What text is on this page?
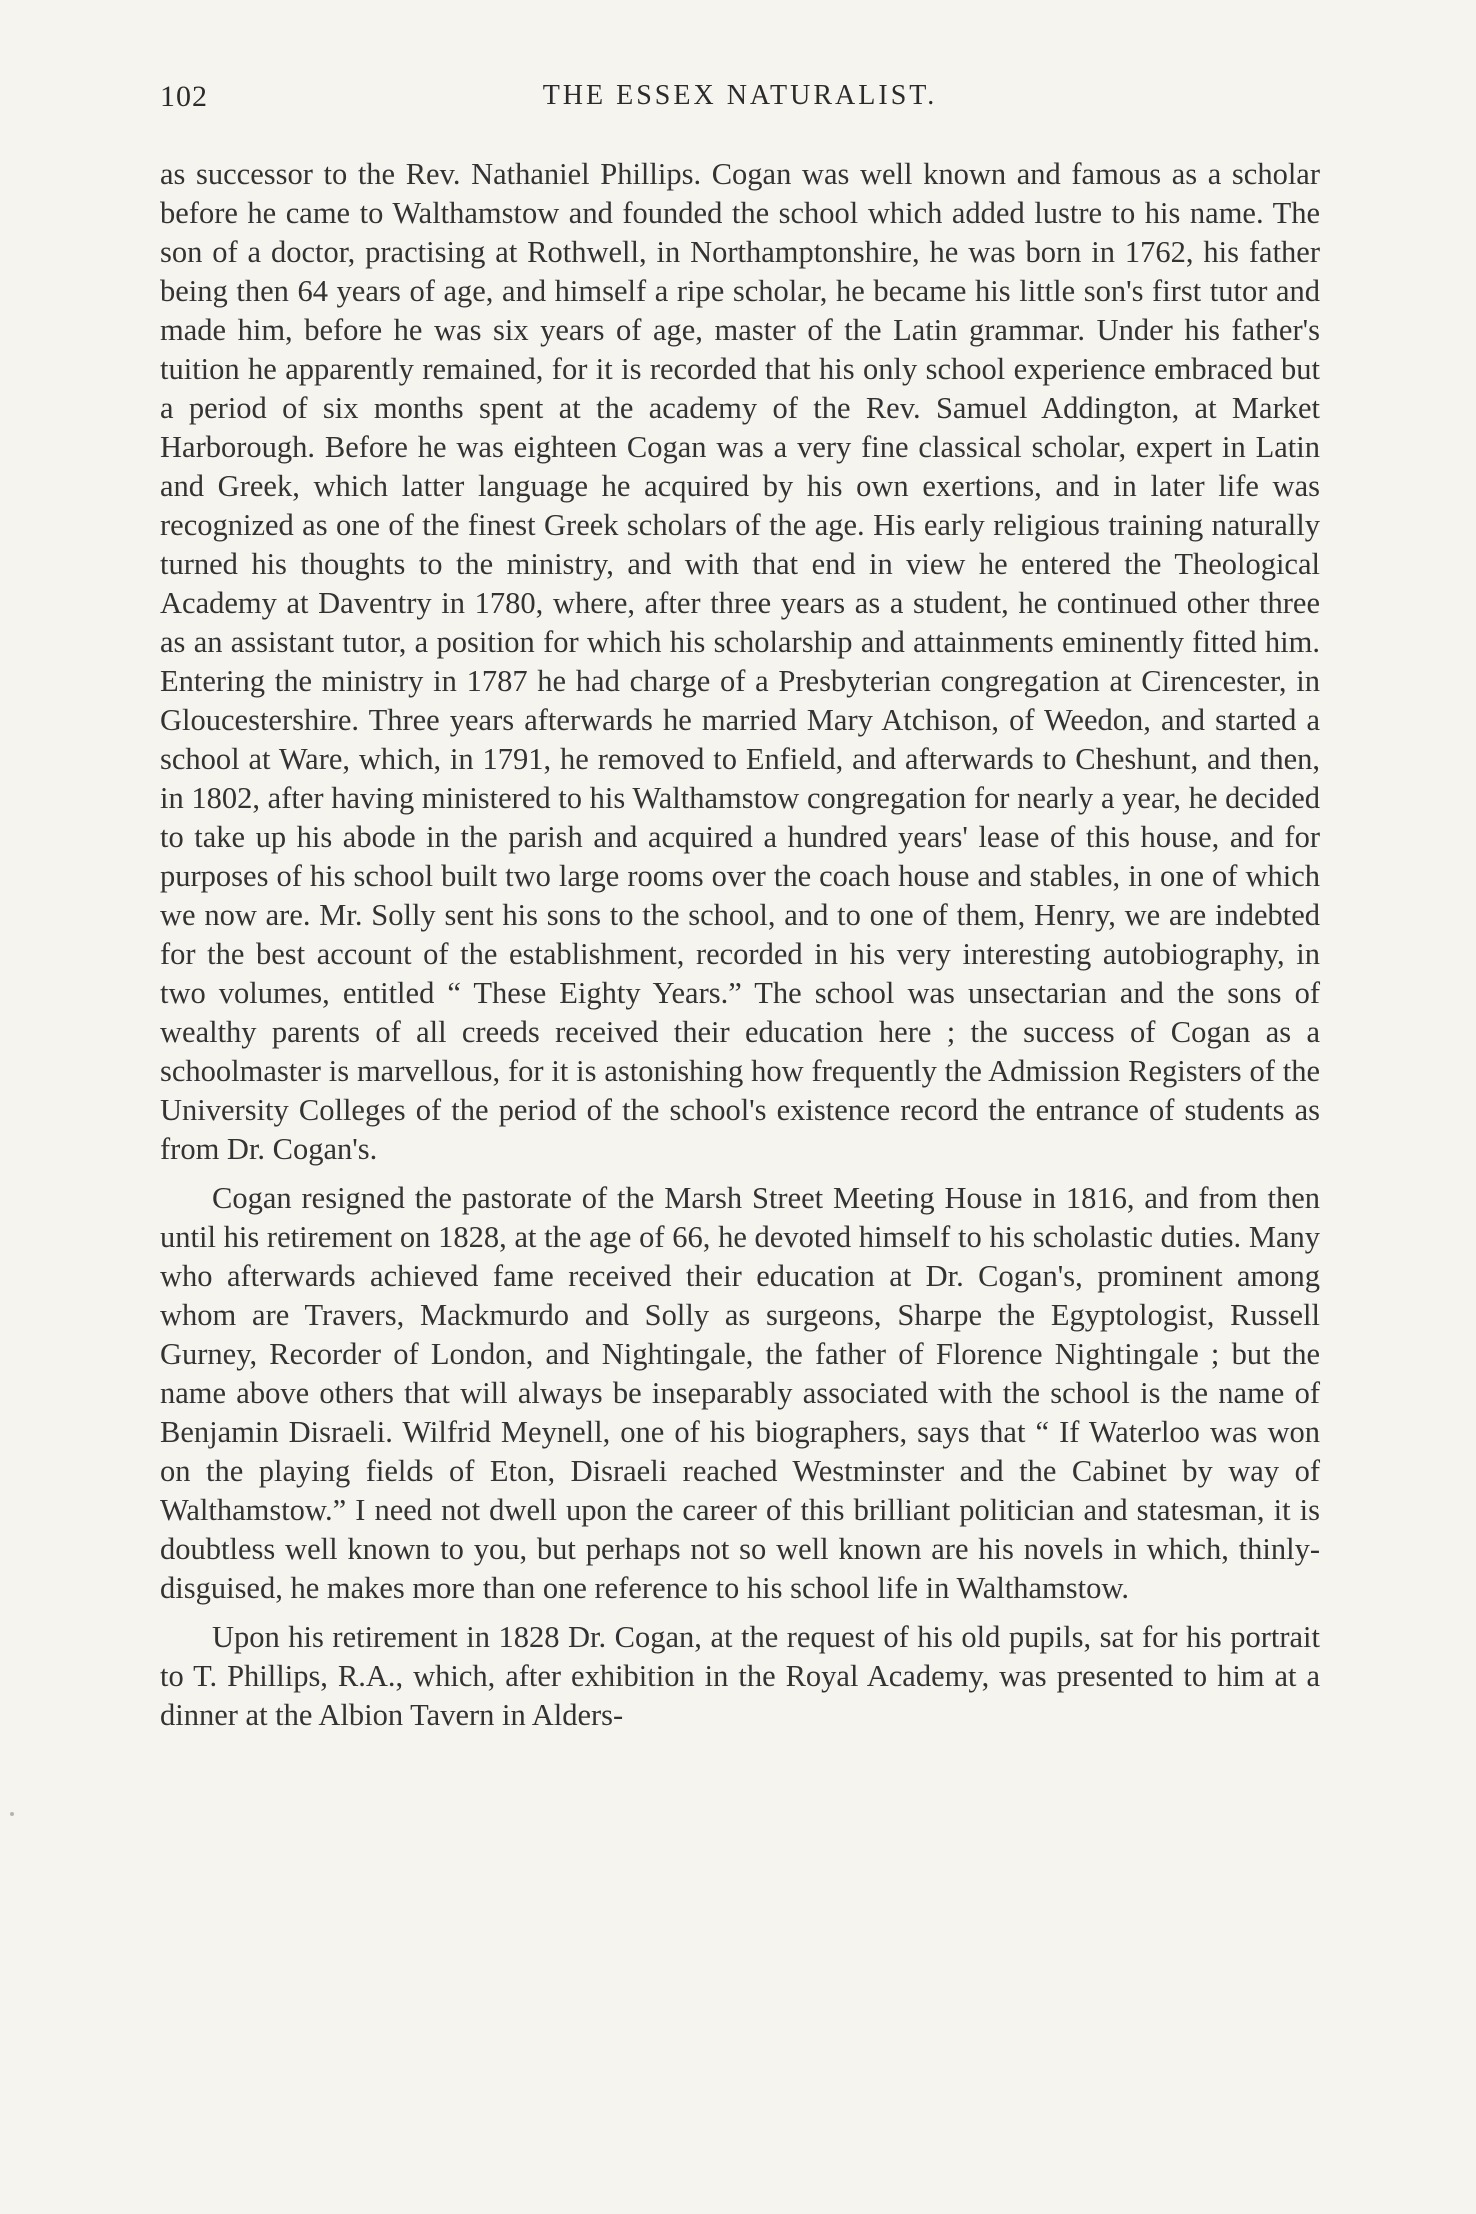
102	THE ESSEX NATURALIST.

as successor to the Rev. Nathaniel Phillips. Cogan was well known and famous as a scholar before he came to Walthamstow and founded the school which added lustre to his name. The son of a doctor, practising at Rothwell, in Northamptonshire, he was born in 1762, his father being then 64 years of age, and himself a ripe scholar, he became his little son's first tutor and made him, before he was six years of age, master of the Latin grammar. Under his father's tuition he apparently remained, for it is recorded that his only school experience embraced but a period of six months spent at the academy of the Rev. Samuel Addington, at Market Harborough. Before he was eighteen Cogan was a very fine classical scholar, expert in Latin and Greek, which latter language he acquired by his own exertions, and in later life was recognized as one of the finest Greek scholars of the age. His early religious training naturally turned his thoughts to the ministry, and with that end in view he entered the Theological Academy at Daventry in 1780, where, after three years as a student, he continued other three as an assistant tutor, a position for which his scholarship and attainments eminently fitted him. Entering the ministry in 1787 he had charge of a Presbyterian congregation at Cirencester, in Gloucestershire. Three years afterwards he married Mary Atchison, of Weedon, and started a school at Ware, which, in 1791, he removed to Enfield, and afterwards to Cheshunt, and then, in 1802, after having ministered to his Walthamstow congregation for nearly a year, he decided to take up his abode in the parish and acquired a hundred years' lease of this house, and for purposes of his school built two large rooms over the coach house and stables, in one of which we now are. Mr. Solly sent his sons to the school, and to one of them, Henry, we are indebted for the best account of the establishment, recorded in his very interesting autobiography, in two volumes, entitled “ These Eighty Years.” The school was unsectarian and the sons of wealthy parents of all creeds received their education here ; the success of Cogan as a schoolmaster is marvellous, for it is astonishing how frequently the Admission Registers of the University Colleges of the period of the school's existence record the entrance of students as from Dr. Cogan's.

Cogan resigned the pastorate of the Marsh Street Meeting House in 1816, and from then until his retirement on 1828, at the age of 66, he devoted himself to his scholastic duties. Many who afterwards achieved fame received their education at Dr. Cogan's, prominent among whom are Travers, Mackmurdo and Solly as surgeons, Sharpe the Egyptologist, Russell Gurney, Recorder of London, and Nightingale, the father of Florence Nightingale ; but the name above others that will always be inseparably associated with the school is the name of Benjamin Disraeli. Wilfrid Meynell, one of his biographers, says that “ If Waterloo was won on the playing fields of Eton, Disraeli reached Westminster and the Cabinet by way of Walthamstow.” I need not dwell upon the career of this brilliant politician and statesman, it is doubtless well known to you, but perhaps not so well known are his novels in which, thinly-disguised, he makes more than one reference to his school life in Walthamstow.

Upon his retirement in 1828 Dr. Cogan, at the request of his old pupils, sat for his portrait to T. Phillips, R.A., which, after exhibition in the Royal Academy, was presented to him at a dinner at the Albion Tavern in Alders-
